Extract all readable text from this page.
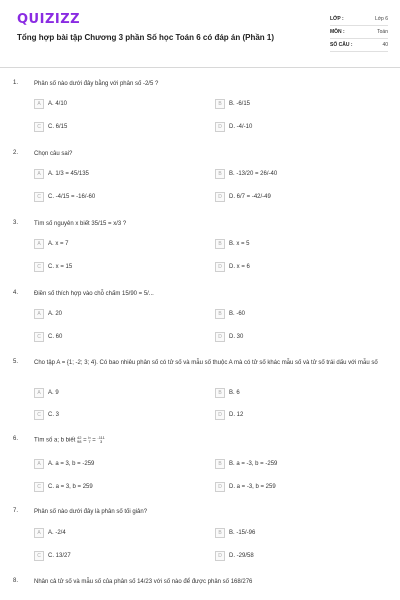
QUIZIZZ
Tổng hợp bài tập Chương 3 phần Số học Toán 6 có đáp án (Phần 1)
LỚP :	Lớp 6
MÔN :	Toán
SỐ CÂU :	40
1.	Phân số nào dưới đây bằng với phân số -2/5 ?
A	A. 4/10	B	B. -6/15
C	C. 6/15	D	D. -4/-10
2.	Chọn câu sai?
A	A. 1/3 = 45/135	B	B. -13/20 = 26/-40
C	C. -4/15 = -16/-60	D	D. 6/7 = -42/-49
3.	Tìm số nguyên x biết 35/15 = x/3 ?
A	A. x = 7	B	B. x = 5
C	C. x = 15	D	D. x = 6
4.	Điền số thích hợp vào chỗ chấm 15/90 = 5/...
A	A. 20	B	B. -60
C	C. 60	D	D. 30
5.	Cho tập A = {1; -2; 3; 4}. Có bao nhiêu phân số có tử số và mẫu số thuộc A mà có tử số khác mẫu số và tử số trái dấu với mẫu số
A	A. 9	B	B. 6
C	C. 3	D	D. 12
6.	Tìm số a; b biết 42
98 = b
7 = -111
3
A	A. a = 3, b = -259	B	B. a = -3, b = -259
C	C. a = 3, b = 259	D	D. a = -3, b = 259
7.	Phân số nào dưới đây là phân số tối giản?
A	A. -2/4	B	B. -15/-96
C	C. 13/27	D	D. -29/58
8.	Nhân cả tử số và mẫu số của phân số 14/23 với số nào để được phân số 168/276
